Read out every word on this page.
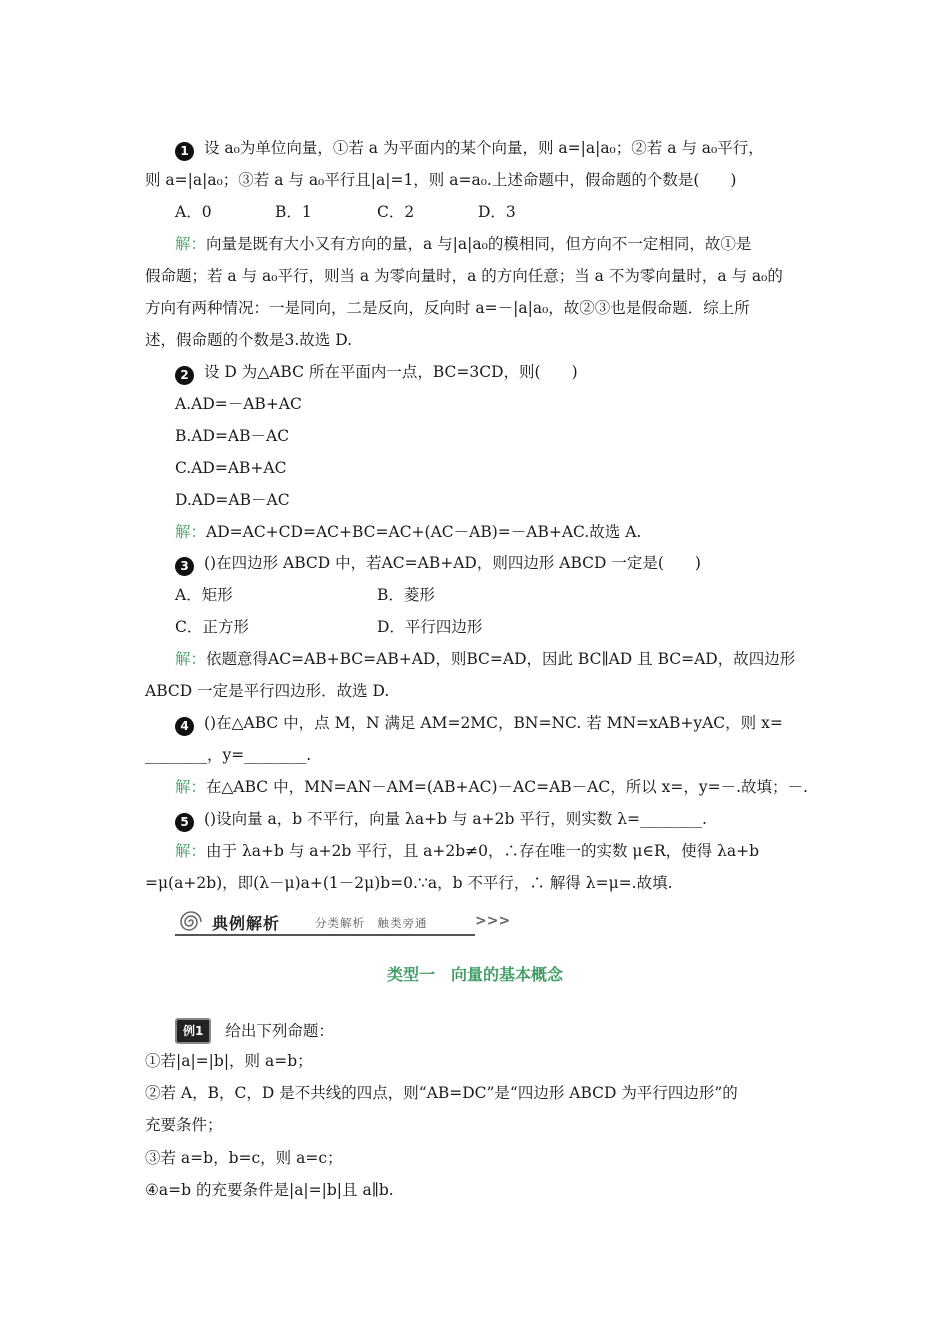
1 设 a₀为单位向量，①若 a 为平面内的某个向量，则 a=|a|a₀；②若 a 与 a₀平行，
则 a=|a|a₀；③若 a 与 a₀平行且|a|=1，则 a=a₀.上述命题中，假命题的个数是(　　)
A．0	B．1	C．2	D．3
解：向量是既有大小又有方向的量，a 与|a|a₀的模相同，但方向不一定相同，故①是
假命题；若 a 与 a₀平行，则当 a 为零向量时，a 的方向任意；当 a 不为零向量时，a 与 a₀的
方向有两种情况：一是同向，二是反向，反向时 a=－|a|a₀，故②③也是假命题．综上所
述，假命题的个数是3.故选 D.
2 设 D 为△ABC 所在平面内一点，BC=3CD，则(　　)
A.AD=－AB+AC
B.AD=AB－AC
C.AD=AB+AC
D.AD=AB－AC
解：AD=AC+CD=AC+BC=AC+(AC－AB)=－AB+AC.故选 A.
3 ()在四边形 ABCD 中，若AC=AB+AD，则四边形 ABCD 一定是(　　)
A．矩形	B．菱形
C．正方形	D．平行四边形
解：依题意得AC=AB+BC=AB+AD，则BC=AD，因此 BC∥AD 且 BC=AD，故四边形
ABCD 一定是平行四边形．故选 D.
4 ()在△ABC 中，点 M，N 满足 AM=2MC，BN=NC. 若 MN=xAB+yAC，则 x=
________，y=________.
解：在△ABC 中，MN=AN－AM=(AB+AC)－AC=AB－AC，所以 x=，y=－.故填；－.
5 ()设向量 a，b 不平行，向量 λa+b 与 a+2b 平行，则实数 λ=________.
解：由于 λa+b 与 a+2b 平行，且 a+2b≠0，∴存在唯一的实数 μ∈R，使得 λa+b
=μ(a+2b)，即(λ－μ)a+(1－2μ)b=0.∵a，b 不平行，∴ 解得 λ=μ=.故填.
典例解析	分类解析　触类旁通	>>>
类型一　向量的基本概念
例1 给出下列命题：
①若|a|=|b|，则 a=b；
②若 A，B，C，D 是不共线的四点，则“AB=DC”是“四边形 ABCD 为平行四边形”的
充要条件；
③若 a=b，b=c，则 a=c；
④a=b 的充要条件是|a|=|b|且 a∥b.
